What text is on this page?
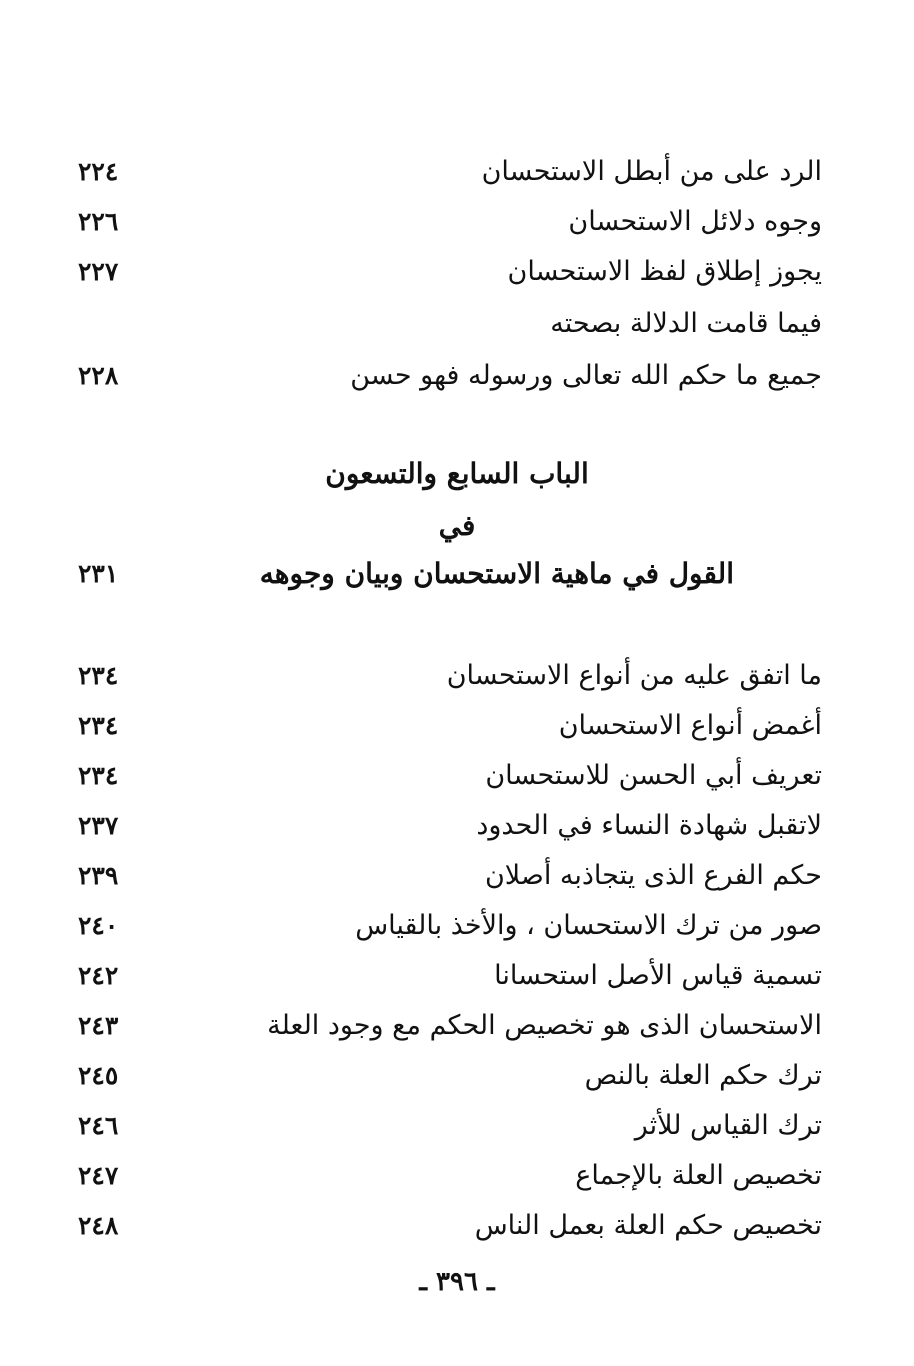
الرد على من أبطل الاستحسان
٢٢٤
وجوه دلائل الاستحسان
٢٢٦
يجوز إطلاق لفظ الاستحسان
٢٢٧
فيما قامت الدلالة بصحته
جميع ما حكم الله تعالى ورسوله فهو حسن
٢٢٨
الباب السابع والتسعون
في
القول في ماهية الاستحسان وبيان وجوهه
٢٣١
ما اتفق عليه من أنواع الاستحسان
٢٣٤
أغمض أنواع الاستحسان
٢٣٤
تعريف أبي الحسن للاستحسان
٢٣٤
لاتقبل شهادة النساء في الحدود
٢٣٧
حكم الفرع الذى يتجاذبه أصلان
٢٣٩
صور من ترك الاستحسان ، والأخذ بالقياس
٢٤٠
تسمية قياس الأصل استحسانا
٢٤٢
الاستحسان الذى هو تخصيص الحكم مع وجود العلة
٢٤٣
ترك حكم العلة بالنص
٢٤٥
ترك القياس للأثر
٢٤٦
تخصيص العلة بالإجماع
٢٤٧
تخصيص حكم العلة بعمل الناس
٢٤٨
ـ ٣٩٦ ـ
